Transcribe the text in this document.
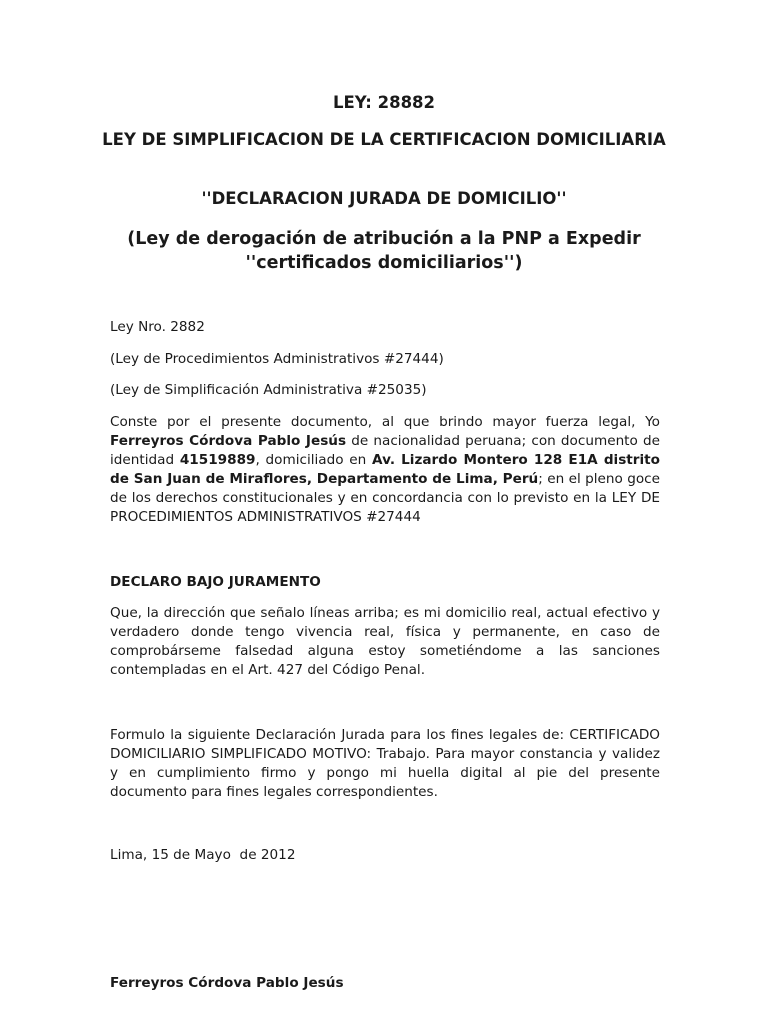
LEY: 28882
LEY DE SIMPLIFICACION DE LA CERTIFICACION DOMICILIARIA
''DECLARACION JURADA DE DOMICILIO''
(Ley de derogación de atribución a la PNP a Expedir ''certificados domiciliarios'')

Ley Nro. 2882

(Ley de Procedimientos Administrativos #27444)

(Ley de Simplificación Administrativa #25035)

Conste por el presente documento, al que brindo mayor fuerza legal, Yo Ferreyros Córdova Pablo Jesús de nacionalidad peruana; con documento de identidad 41519889, domiciliado en Av. Lizardo Montero 128 E1A distrito de San Juan de Miraflores, Departamento de Lima, Perú; en el pleno goce de los derechos constitucionales y en concordancia con lo previsto en la LEY DE PROCEDIMIENTOS ADMINISTRATIVOS #27444

DECLARO BAJO JURAMENTO

Que, la dirección que señalo líneas arriba; es mi domicilio real, actual efectivo y verdadero donde tengo vivencia real, física y permanente, en caso de comprobárseme falsedad alguna estoy sometiéndome a las sanciones contempladas en el Art. 427 del Código Penal.

Formulo la siguiente Declaración Jurada para los fines legales de: CERTIFICADO DOMICILIARIO SIMPLIFICADO MOTIVO: Trabajo. Para mayor constancia y validez y en cumplimiento firmo y pongo mi huella digital al pie del presente documento para fines legales correspondientes.

Lima, 15 de Mayo  de 2012

Ferreyros Córdova Pablo Jesús
